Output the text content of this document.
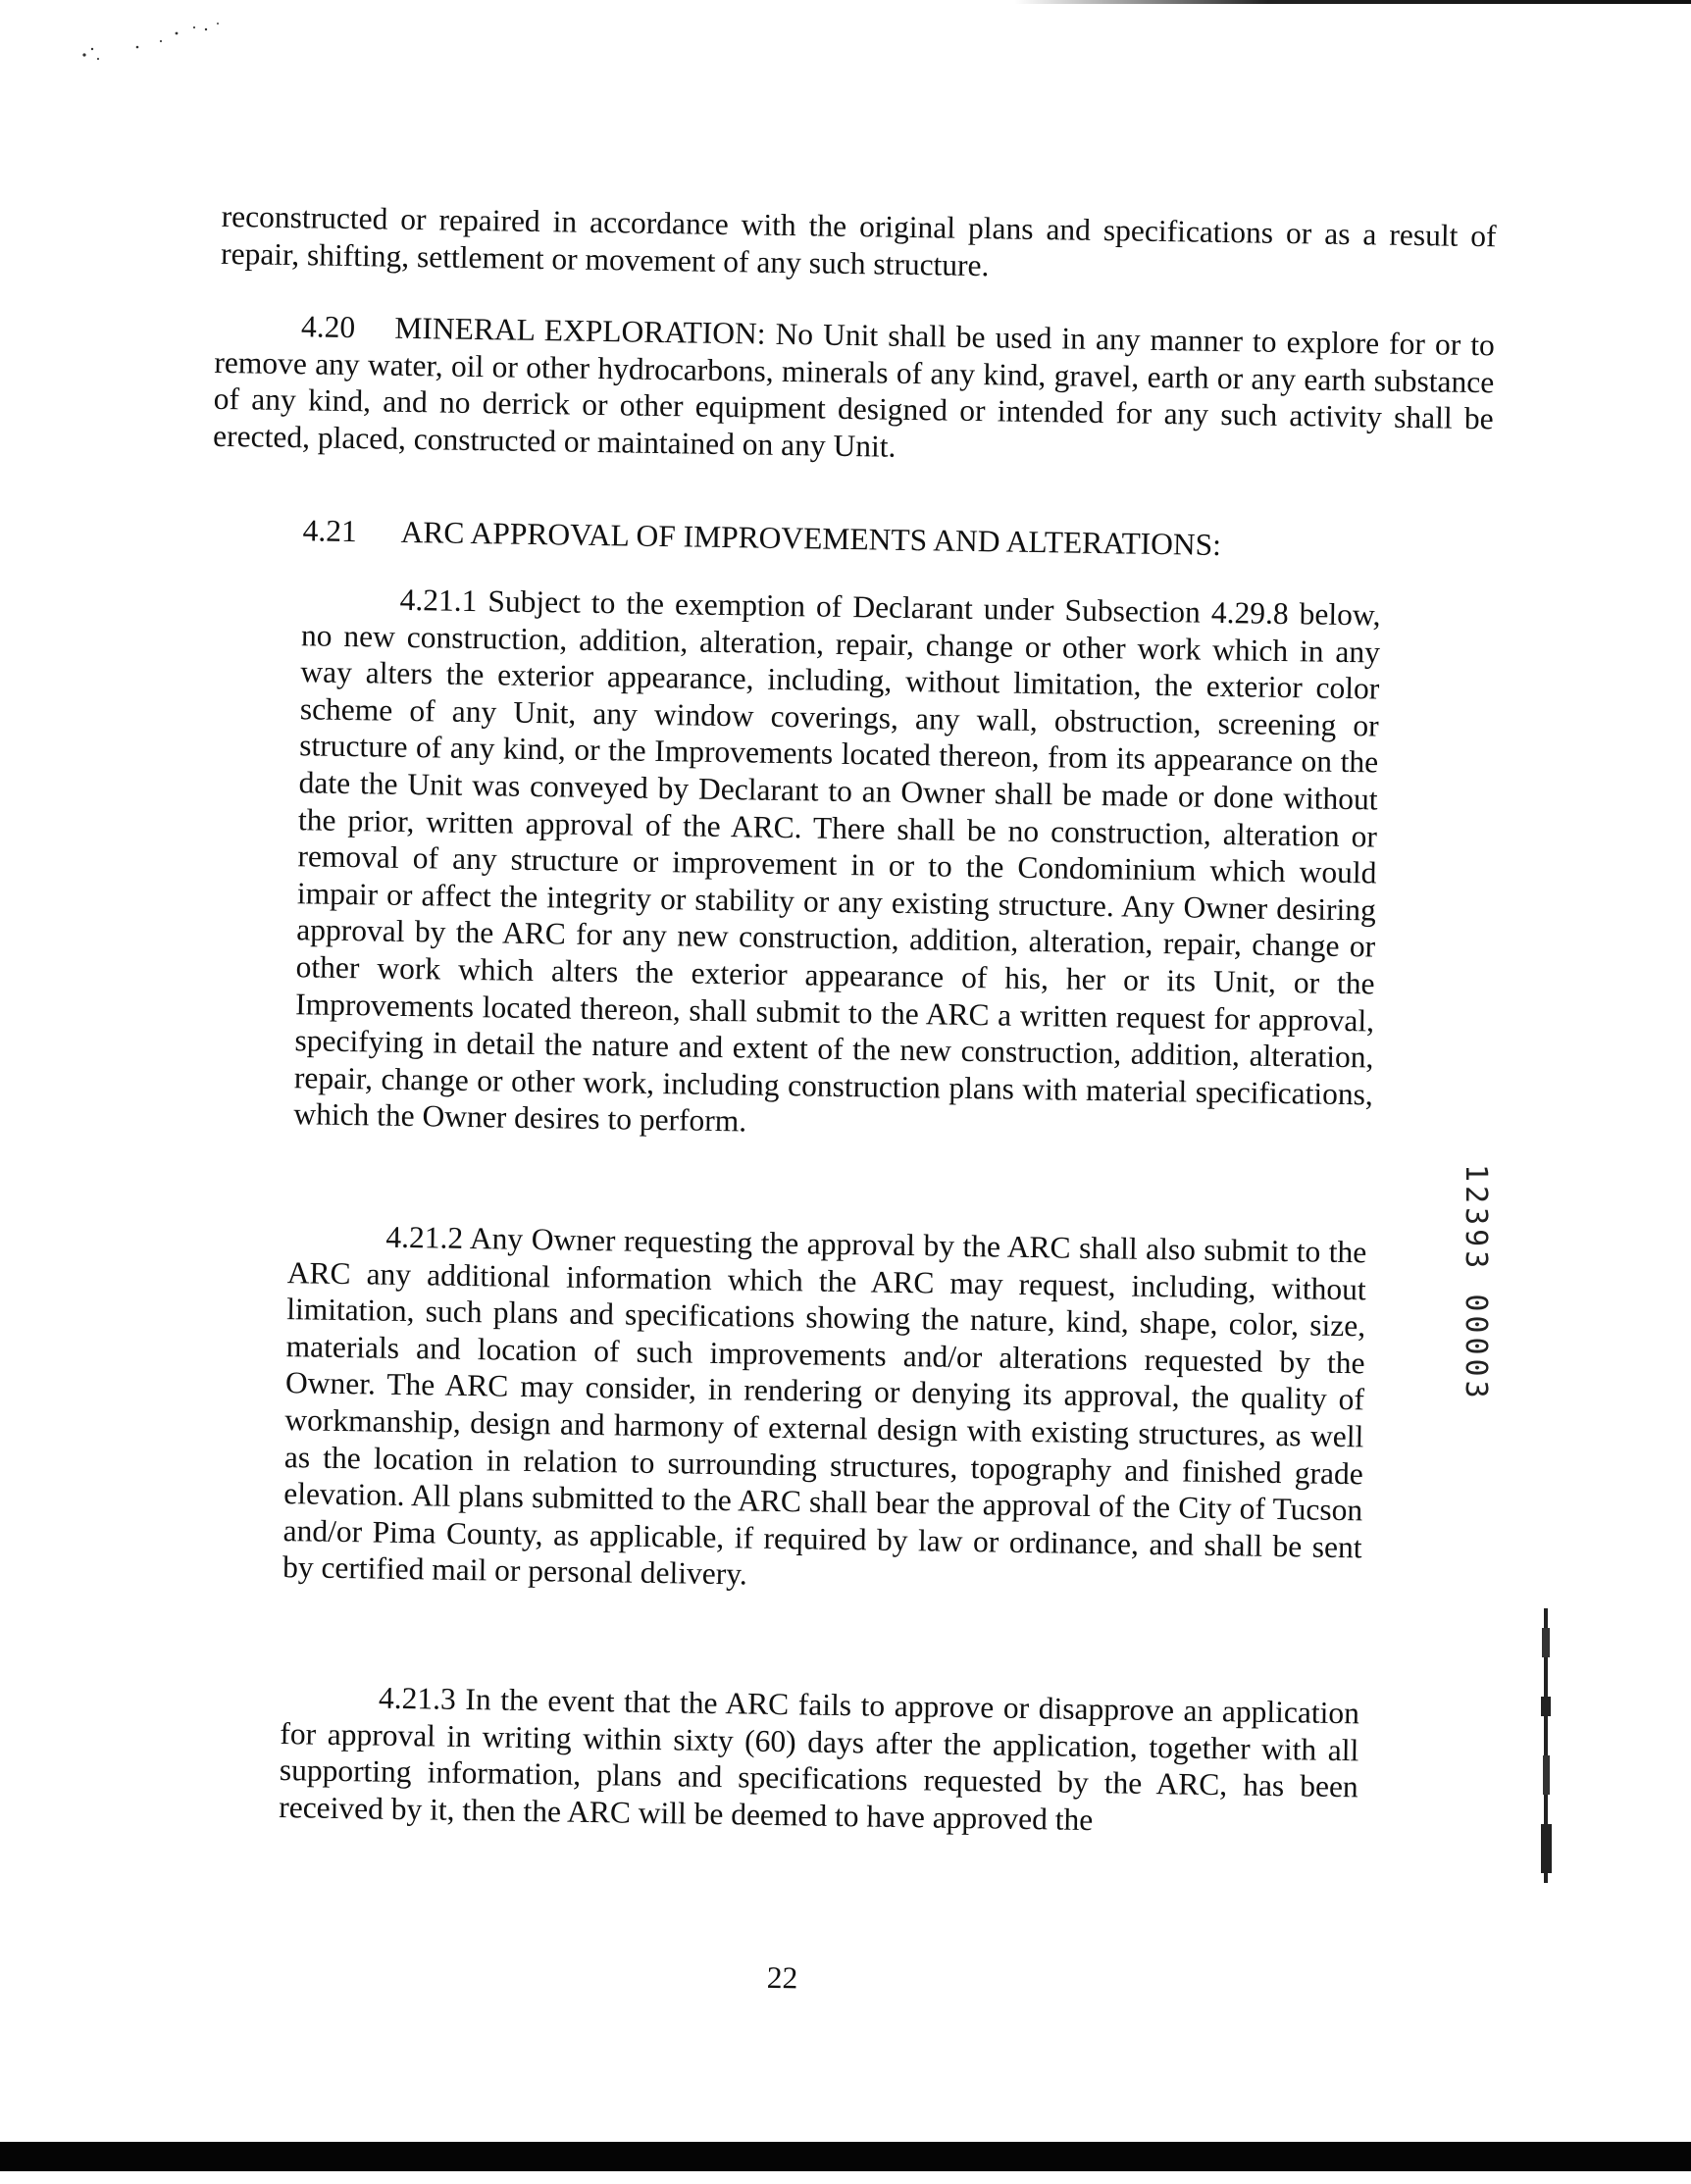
reconstructed or repaired in accordance with the original plans and specifications or as a result of repair, shifting, settlement or movement of any such structure.

4.20    MINERAL EXPLORATION: No Unit shall be used in any manner to explore for or to remove any water, oil or other hydrocarbons, minerals of any kind, gravel, earth or any earth substance of any kind, and no derrick or other equipment designed or intended for any such activity shall be erected, placed, constructed or maintained on any Unit.

4.21 ARC APPROVAL OF IMPROVEMENTS AND ALTERATIONS:

4.21.1 Subject to the exemption of Declarant under Subsection 4.29.8 below, no new construction, addition, alteration, repair, change or other work which in any way alters the exterior appearance, including, without limitation, the exterior color scheme of any Unit, any window coverings, any wall, obstruction, screening or structure of any kind, or the Improvements located thereon, from its appearance on the date the Unit was conveyed by Declarant to an Owner shall be made or done without the prior, written approval of the ARC. There shall be no construction, alteration or removal of any structure or improvement in or to the Condominium which would impair or affect the integrity or stability or any existing structure. Any Owner desiring approval by the ARC for any new construction, addition, alteration, repair, change or other work which alters the exterior appearance of his, her or its Unit, or the Improvements located thereon, shall submit to the ARC a written request for approval, specifying in detail the nature and extent of the new construction, addition, alteration, repair, change or other work, including construction plans with material specifications, which the Owner desires to perform.

4.21.2 Any Owner requesting the approval by the ARC shall also submit to the ARC any additional information which the ARC may request, including, without limitation, such plans and specifications showing the nature, kind, shape, color, size, materials and location of such improvements and/or alterations requested by the Owner. The ARC may consider, in rendering or denying its approval, the quality of workmanship, design and harmony of external design with existing structures, as well as the location in relation to surrounding structures, topography and finished grade elevation. All plans submitted to the ARC shall bear the approval of the City of Tucson and/or Pima County, as applicable, if required by law or ordinance, and shall be sent by certified mail or personal delivery.

4.21.3 In the event that the ARC fails to approve or disapprove an application for approval in writing within sixty (60) days after the application, together with all supporting information, plans and specifications requested by the ARC, has been received by it, then the ARC will be deemed to have approved the

22
12393 00003
